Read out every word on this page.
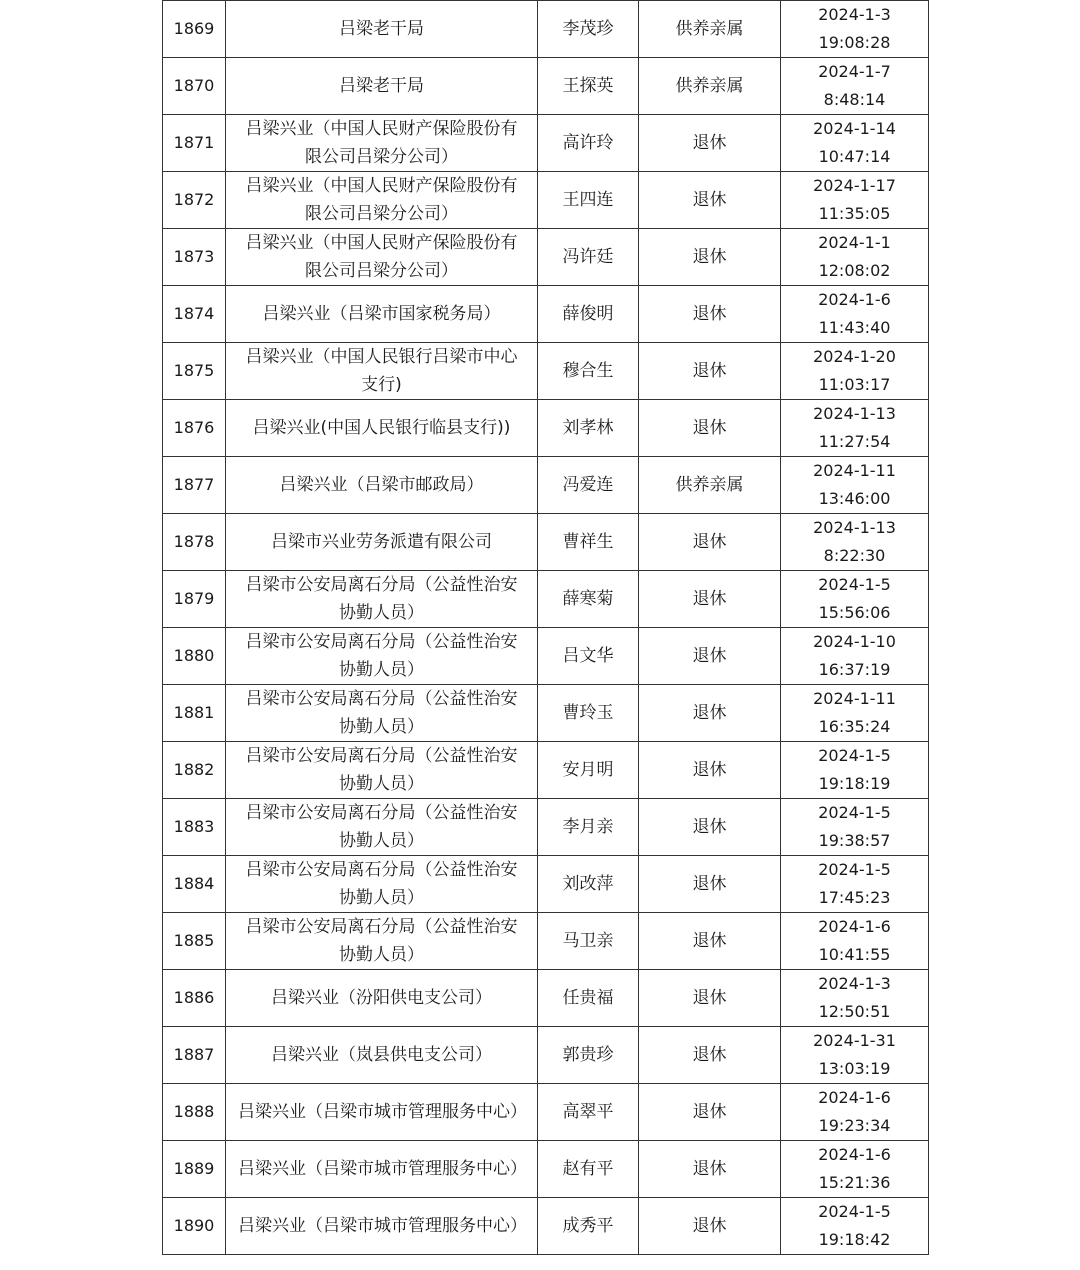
1869	吕梁老干局	李茂珍	供养亲属	2024-1-3
19:08:28

1870	吕梁老干局	王探英	供养亲属	2024-1-7
8:48:14

1871	吕梁兴业（中国人民财产保险股份有限公司吕梁分公司）	高许玲	退休	2024-1-14
10:47:14

1872	吕梁兴业（中国人民财产保险股份有限公司吕梁分公司）	王四连	退休	2024-1-17
11:35:05

1873	吕梁兴业（中国人民财产保险股份有限公司吕梁分公司）	冯许廷	退休	2024-1-1
12:08:02

1874	吕梁兴业（吕梁市国家税务局）	薛俊明	退休	2024-1-6
11:43:40

1875	吕梁兴业（中国人民银行吕梁市中心支行)	穆合生	退休	2024-1-20
11:03:17

1876	吕梁兴业(中国人民银行临县支行))	刘孝林	退休	2024-1-13
11:27:54

1877	吕梁兴业（吕梁市邮政局）	冯爱连	供养亲属	2024-1-11
13:46:00

1878	吕梁市兴业劳务派遣有限公司	曹祥生	退休	2024-1-13
8:22:30

1879	吕梁市公安局离石分局（公益性治安协勤人员）	薛寒菊	退休	2024-1-5
15:56:06

1880	吕梁市公安局离石分局（公益性治安协勤人员）	吕文华	退休	2024-1-10
16:37:19

1881	吕梁市公安局离石分局（公益性治安协勤人员）	曹玲玉	退休	2024-1-11
16:35:24

1882	吕梁市公安局离石分局（公益性治安协勤人员）	安月明	退休	2024-1-5
19:18:19

1883	吕梁市公安局离石分局（公益性治安协勤人员）	李月亲	退休	2024-1-5
19:38:57

1884	吕梁市公安局离石分局（公益性治安协勤人员）	刘改萍	退休	2024-1-5
17:45:23

1885	吕梁市公安局离石分局（公益性治安协勤人员）	马卫亲	退休	2024-1-6
10:41:55

1886	吕梁兴业（汾阳供电支公司）	任贵福	退休	2024-1-3
12:50:51

1887	吕梁兴业（岚县供电支公司）	郭贵珍	退休	2024-1-31
13:03:19

1888	吕梁兴业（吕梁市城市管理服务中心）	高翠平	退休	2024-1-6
19:23:34

1889	吕梁兴业（吕梁市城市管理服务中心）	赵有平	退休	2024-1-6
15:21:36

1890	吕梁兴业（吕梁市城市管理服务中心）	成秀平	退休	2024-1-5
19:18:42
